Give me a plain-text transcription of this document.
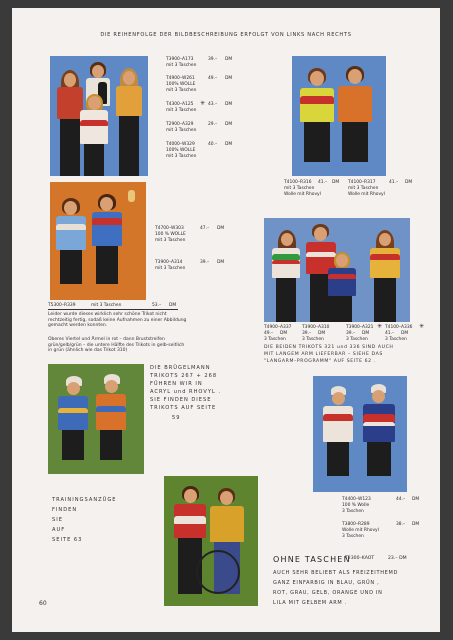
DIE REIHENFOLGE DER BILDBESCHREIBUNG ERFOLGT VON LINKS NACH RECHTS
T3900–A173	39.– DM
mit 3 Taschen
T4900–W261	49.– DM
100% WOLLE
mit 3 Taschen
T4300–A125 ✳ 43.– DM
mit 3 Taschen
T2900–A329	29.– DM
mit 3 Taschen
T4000–W329	40.– DM
100% WOLLE
mit 3 Taschen
T4100–R316 41.– DM
mit 3 Taschen
Wolle mit Rhovyl
T4100–R317	41.– DM
mit 3 Taschen
Wolle mit Rhovyl
T4700–W303	47.– DM
100 % WOLLE
mit 3 Taschen
T3900–A314	39.– DM
mit 3 Taschen
T5300–R339	mit 3 Taschen	53.– DM
Leider wurde dieses wirklich sehr schöne Trikot nicht rechtzeitig fertig, sodaß keine Aufnahmen zu einer Abbildung gemacht werden konnten.
Oberes Viertel und Ärmel in rot – dann Bruststreifen grün/gelb/grün – die untere Hälfte des Trikots in gelb-seitlich in grün (ähnlich wie das Trikot 310)
T4900–A337
49.– DM
3 Taschen
T3900–A310
39.– DM
3 Taschen
T3900–A321 ✳
39.– DM
3 Taschen
T4100–A336 ✳
41.– DM
3 Taschen
DIE BEIDEN TRIKOTS 321 und 336 SIND AUCH
MIT LANGEM ARM LIEFERBAR – SIEHE DAS
"LANGARM–PROGRAMM" AUF SEITE 62 .
DIE BRÜGELMANN
TRIKOTS 267 + 268
FÜHREN WIR IN
ACRYL und RHOVYL .
SIE FINDEN DIESE
TRIKOTS AUF SEITE
59
T4400–W123	44.– DM
100 % Wolle
3 Taschen
T3800–R289	38.– DM
Wolle mit Rhovyl
3 Taschen
TRAININGSANZÜGE
FINDEN
SIE
AUF
SEITE 63
OHNE TASCHEN
T2300–KAOT	23.– DM
AUCH SEHR BELIEBT ALS FREIZEITHEMD
GANZ EINFARBIG IN BLAU, GRÜN ,
ROT, GRAU, GELB, ORANGE UND IN
LILA MIT GELBEM ARM .
60
